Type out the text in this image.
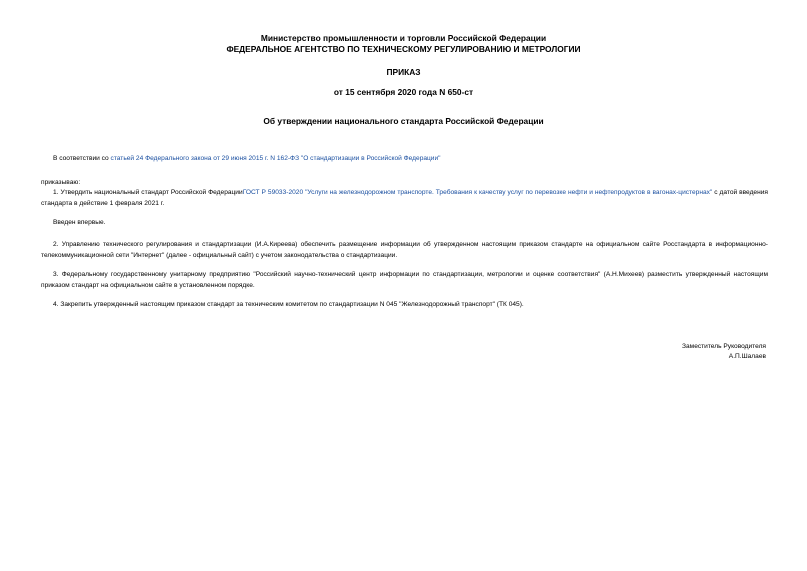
Министерство промышленности и торговли Российской Федерации
ФЕДЕРАЛЬНОЕ АГЕНТСТВО ПО ТЕХНИЧЕСКОМУ РЕГУЛИРОВАНИЮ И МЕТРОЛОГИИ
ПРИКАЗ
от 15 сентября 2020 года N 650-ст
Об утверждении национального стандарта Российской Федерации
В соответствии со статьей 24 Федерального закона от 29 июня 2015 г. N 162-ФЗ "О стандартизации в Российской Федерации"
приказываю:
1. Утвердить национальный стандарт Российской ФедерацииГОСТ Р 59033-2020 "Услуги на железнодорожном транспорте. Требования к качеству услуг по перевозке нефти и нефтепродуктов в вагонах-цистернах" с датой введения стандарта в действие 1 февраля 2021 г.
Введен впервые.
2. Управлению технического регулирования и стандартизации (И.А.Киреева) обеспечить размещение информации об утвержденном настоящим приказом стандарте на официальном сайте Росстандарта в информационно-телекоммуникационной сети "Интернет" (далее - официальный сайт) с учетом законодательства о стандартизации.
3. Федеральному государственному унитарному предприятию "Российский научно-технический центр информации по стандартизации, метрологии и оценке соответствия" (А.Н.Михеев) разместить утвержденный настоящим приказом стандарт на официальном сайте в установленном порядке.
4. Закрепить утвержденный настоящим приказом стандарт за техническим комитетом по стандартизации N 045 "Железнодорожный транспорт" (ТК 045).
Заместитель Руководителя
А.П.Шалаев
